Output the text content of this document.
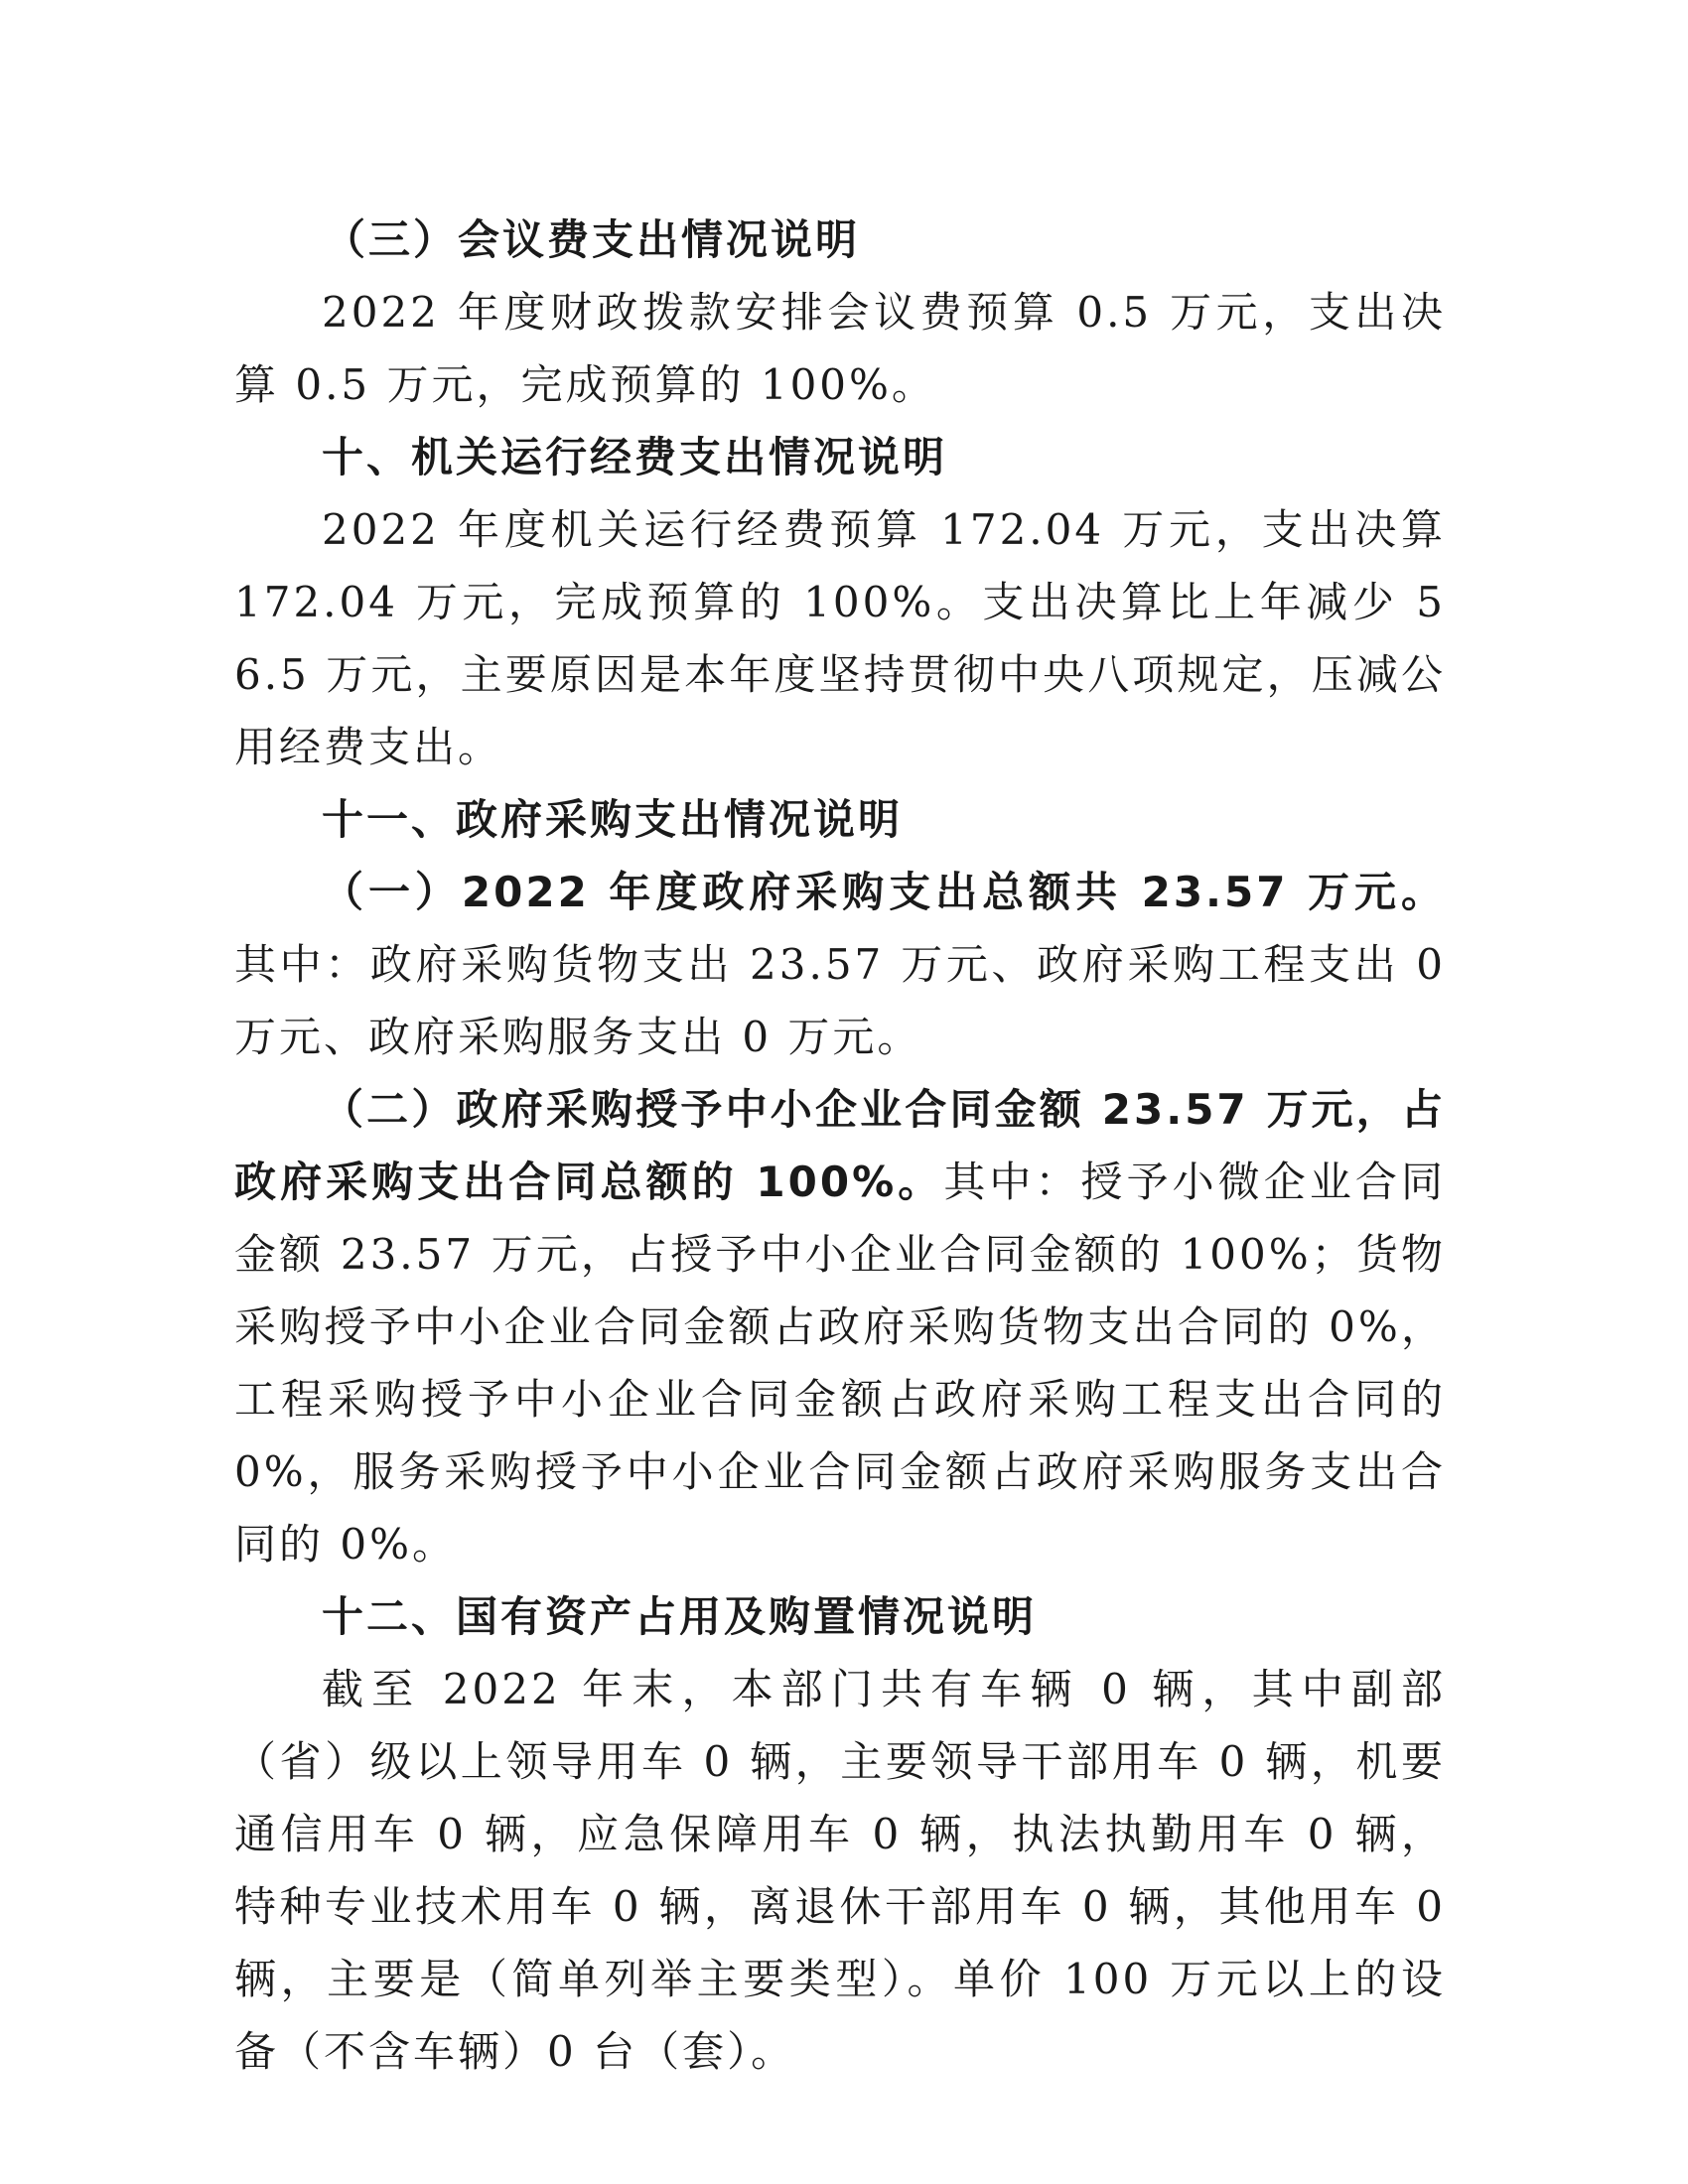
（三）会议费支出情况说明

2022 年度财政拨款安排会议费预算 0.5 万元，支出决算 0.5 万元，完成预算的 100%。

十、机关运行经费支出情况说明

2022 年度机关运行经费预算 172.04 万元，支出决算 172.04 万元，完成预算的 100%。支出决算比上年减少 56.5 万元，主要原因是本年度坚持贯彻中央八项规定，压减公用经费支出。

十一、政府采购支出情况说明

（一）2022 年度政府采购支出总额共 23.57 万元。其中：政府采购货物支出 23.57 万元、政府采购工程支出 0 万元、政府采购服务支出 0 万元。

（二）政府采购授予中小企业合同金额 23.57 万元，占政府采购支出合同总额的 100%。其中：授予小微企业合同金额 23.57 万元，占授予中小企业合同金额的 100%；货物采购授予中小企业合同金额占政府采购货物支出合同的 0%，工程采购授予中小企业合同金额占政府采购工程支出合同的 0%，服务采购授予中小企业合同金额占政府采购服务支出合同的 0%。

十二、国有资产占用及购置情况说明

截至 2022 年末，本部门共有车辆 0 辆，其中副部（省）级以上领导用车 0 辆，主要领导干部用车 0 辆，机要通信用车 0 辆，应急保障用车 0 辆，执法执勤用车 0 辆，特种专业技术用车 0 辆，离退休干部用车 0 辆，其他用车 0 辆，主要是（简单列举主要类型）。单价 100 万元以上的设备（不含车辆）0 台（套）。
